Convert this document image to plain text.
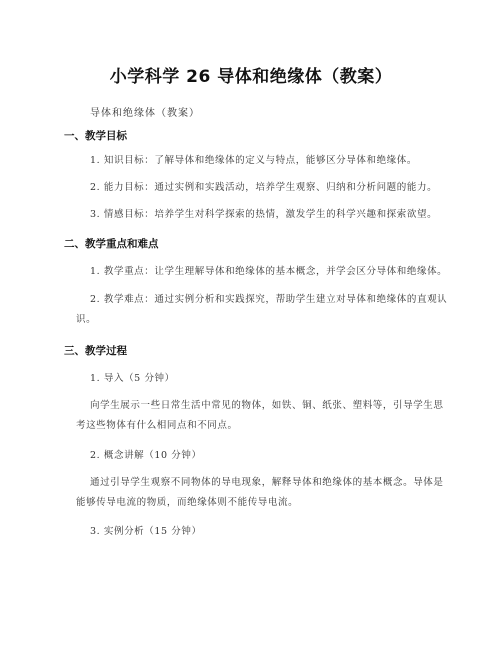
小学科学 26 导体和绝缘体（教案）
导体和绝缘体（教案）
一、教学目标
1. 知识目标：了解导体和绝缘体的定义与特点，能够区分导体和绝缘体。
2. 能力目标：通过实例和实践活动，培养学生观察、归纳和分析问题的能力。
3. 情感目标：培养学生对科学探索的热情，激发学生的科学兴趣和探索欲望。
二、教学重点和难点
1. 教学重点：让学生理解导体和绝缘体的基本概念，并学会区分导体和绝缘体。
2. 教学难点：通过实例分析和实践探究，帮助学生建立对导体和绝缘体的直观认识。
三、教学过程
1. 导入（5 分钟）
向学生展示一些日常生活中常见的物体，如铁、铜、纸张、塑料等，引导学生思考这些物体有什么相同点和不同点。
2. 概念讲解（10 分钟）
通过引导学生观察不同物体的导电现象，解释导体和绝缘体的基本概念。导体是能够传导电流的物质，而绝缘体则不能传导电流。
3. 实例分析（15 分钟）
